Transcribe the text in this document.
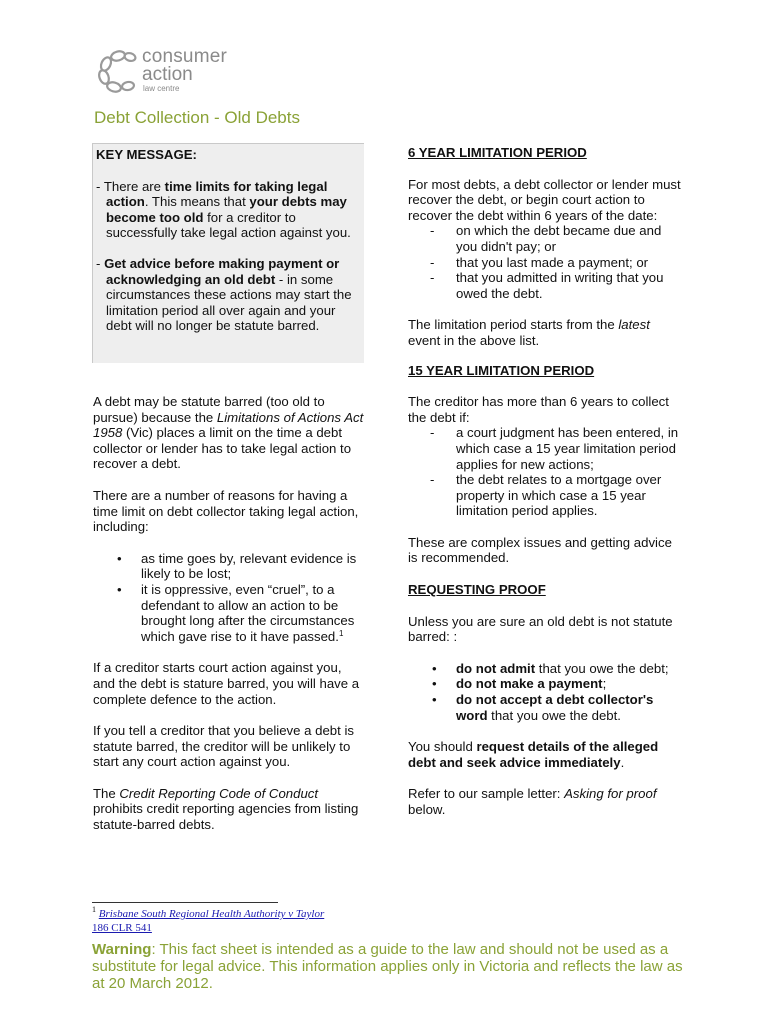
consumer
action
law centre
Debt Collection - Old Debts

KEY MESSAGE:

- There are time limits for taking legal action. This means that your debts may become too old for a creditor to successfully take legal action against you.

- Get advice before making payment or acknowledging an old debt - in some circumstances these actions may start the limitation period all over again and your debt will no longer be statute barred.

A debt may be statute barred (too old to pursue) because the Limitations of Actions Act 1958 (Vic) places a limit on the time a debt collector or lender has to take legal action to recover a debt.

There are a number of reasons for having a time limit on debt collector taking legal action, including:

• as time goes by, relevant evidence is likely to be lost;
• it is oppressive, even “cruel”, to a defendant to allow an action to be brought long after the circumstances which gave rise to it have passed.$^1$

If a creditor starts court action against you, and the debt is stature barred, you will have a complete defence to the action.

If you tell a creditor that you believe a debt is statute barred, the creditor will be unlikely to start any court action against you.

The Credit Reporting Code of Conduct prohibits credit reporting agencies from listing statute-barred debts.

6 YEAR LIMITATION PERIOD

For most debts, a debt collector or lender must recover the debt, or begin court action to recover the debt within 6 years of the date:

- on which the debt became due and you didn't pay; or
- that you last made a payment; or
- that you admitted in writing that you owed the debt.

The limitation period starts from the latest event in the above list.

15 YEAR LIMITATION PERIOD

The creditor has more than 6 years to collect the debt if:

- a court judgment has been entered, in which case a 15 year limitation period applies for new actions;
- the debt relates to a mortgage over property in which case a 15 year limitation period applies.

These are complex issues and getting advice is recommended.

REQUESTING PROOF

Unless you are sure an old debt is not statute barred: :

• do not admit that you owe the debt;
• do not make a payment;
• do not accept a debt collector's word that you owe the debt.

You should request details of the alleged debt and seek advice immediately.

Refer to our sample letter: Asking for proof below.

$^1$ Brisbane South Regional Health Authority v Taylor
186 CLR 541
Warning: This fact sheet is intended as a guide to the law and should not be used as a substitute for legal advice. This information applies only in Victoria and reflects the law as at 20 March 2012.
